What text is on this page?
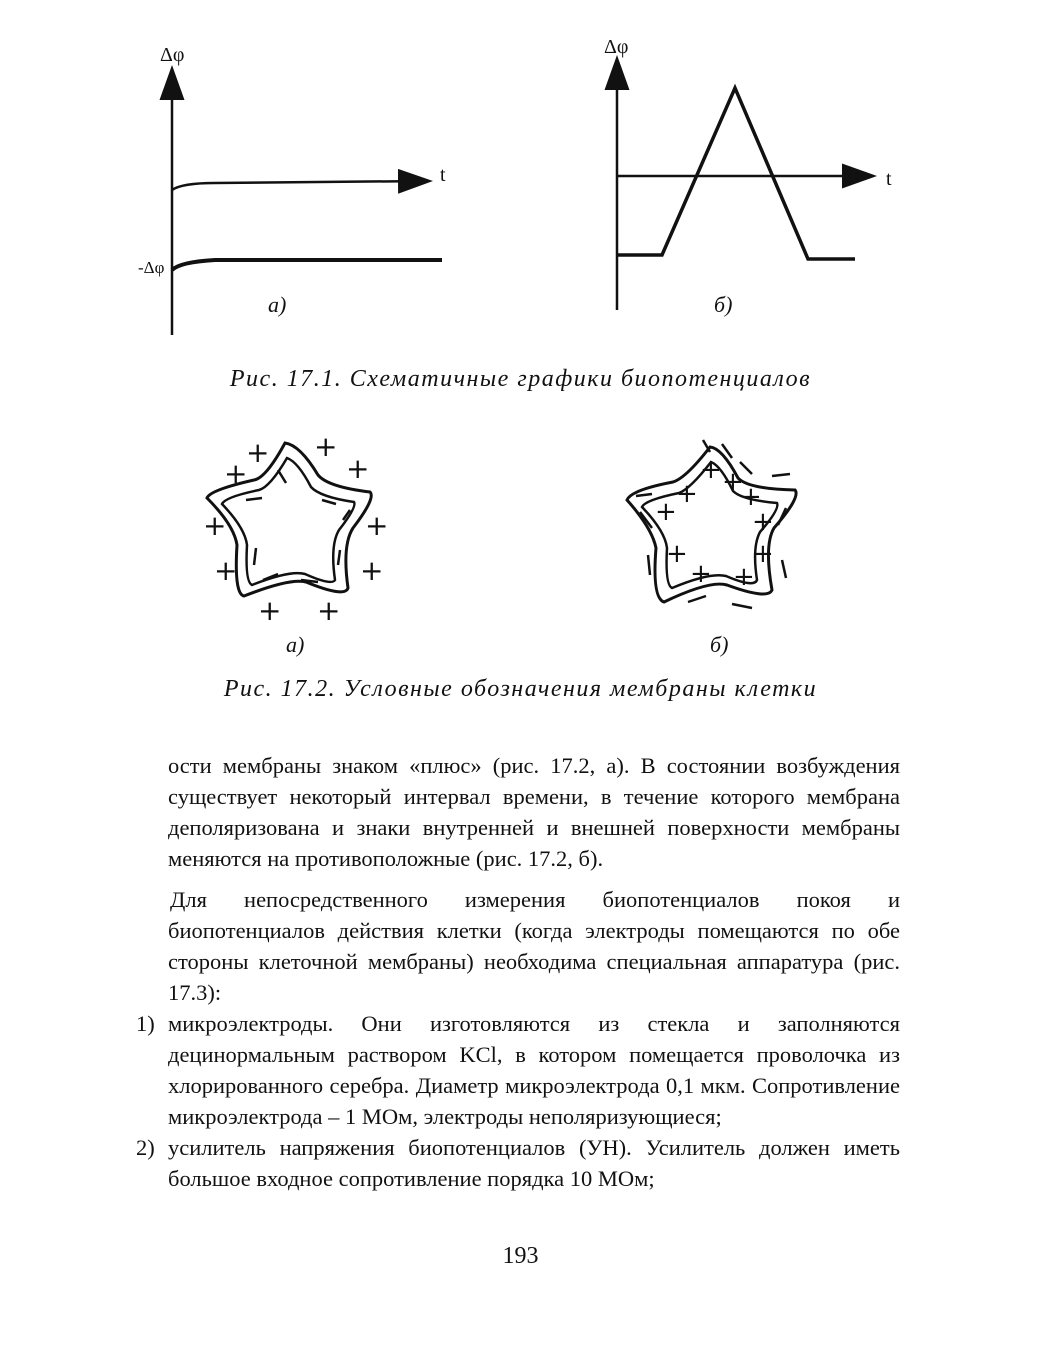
+
+
+
+
+	+
+	+
+ +
+ +
+ +
+	+
+ +
+ +
Δφ
t
-Δφ
Δφ
t
а)	б)
Рис. 17.1. Схематичные графики биопотенциалов
а)	б)
Рис. 17.2. Условные обозначения мембраны клетки

ости мембраны знаком «плюс» (рис. 17.2, а). В состоянии возбуждения существует некоторый интервал времени, в течение которого мембрана деполяризована и знаки внутренней и внешней поверхности мембраны меняются на противоположные (рис. 17.2, б).

Для непосредственного измерения биопотенциалов покоя и биопотенциалов действия клетки (когда электроды помещаются по обе стороны клеточной мембраны) необходима специальная аппаратура (рис. 17.3):

1) микроэлектроды. Они изготовляются из стекла и заполняются децинормальным раствором KCl, в котором помещается проволочка из хлорированного серебра. Диаметр микроэлектрода 0,1 мкм. Сопротивление микроэлектрода – 1 МОм, электроды неполяризующиеся;
2) усилитель напряжения биопотенциалов (УН). Усилитель должен иметь большое входное сопротивление порядка 10 МОм;
193
